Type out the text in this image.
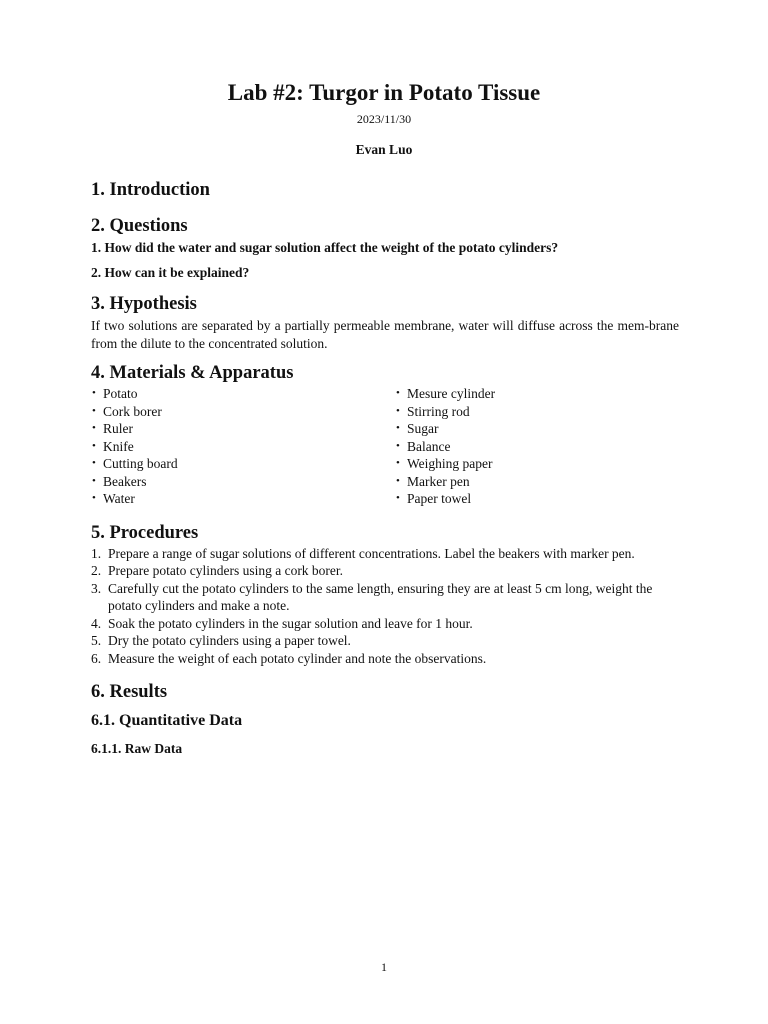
Lab #2: Turgor in Potato Tissue
2023/11/30
Evan Luo
1. Introduction
2. Questions
1. How did the water and sugar solution affect the weight of the potato cylinders?
2. How can it be explained?
3. Hypothesis

If two solutions are separated by a partially permeable membrane, water will diffuse across the mem-brane from the dilute to the concentrated solution.

4. Materials & Apparatus
• Potato
• Cork borer
• Ruler
• Knife
• Cutting board
• Beakers
• Water
• Mesure cylinder
• Stirring rod
• Sugar
• Balance
• Weighing paper
• Marker pen
• Paper towel
5. Procedures
1. Prepare a range of sugar solutions of different concentrations. Label the beakers with marker pen.
2. Prepare potato cylinders using a cork borer.
3. Carefully cut the potato cylinders to the same length, ensuring they are at least 5 cm long, weight the potato cylinders and make a note.
4. Soak the potato cylinders in the sugar solution and leave for 1 hour.
5. Dry the potato cylinders using a paper towel.
6. Measure the weight of each potato cylinder and note the observations.
6. Results
6.1. Quantitative Data
6.1.1. Raw Data
1
